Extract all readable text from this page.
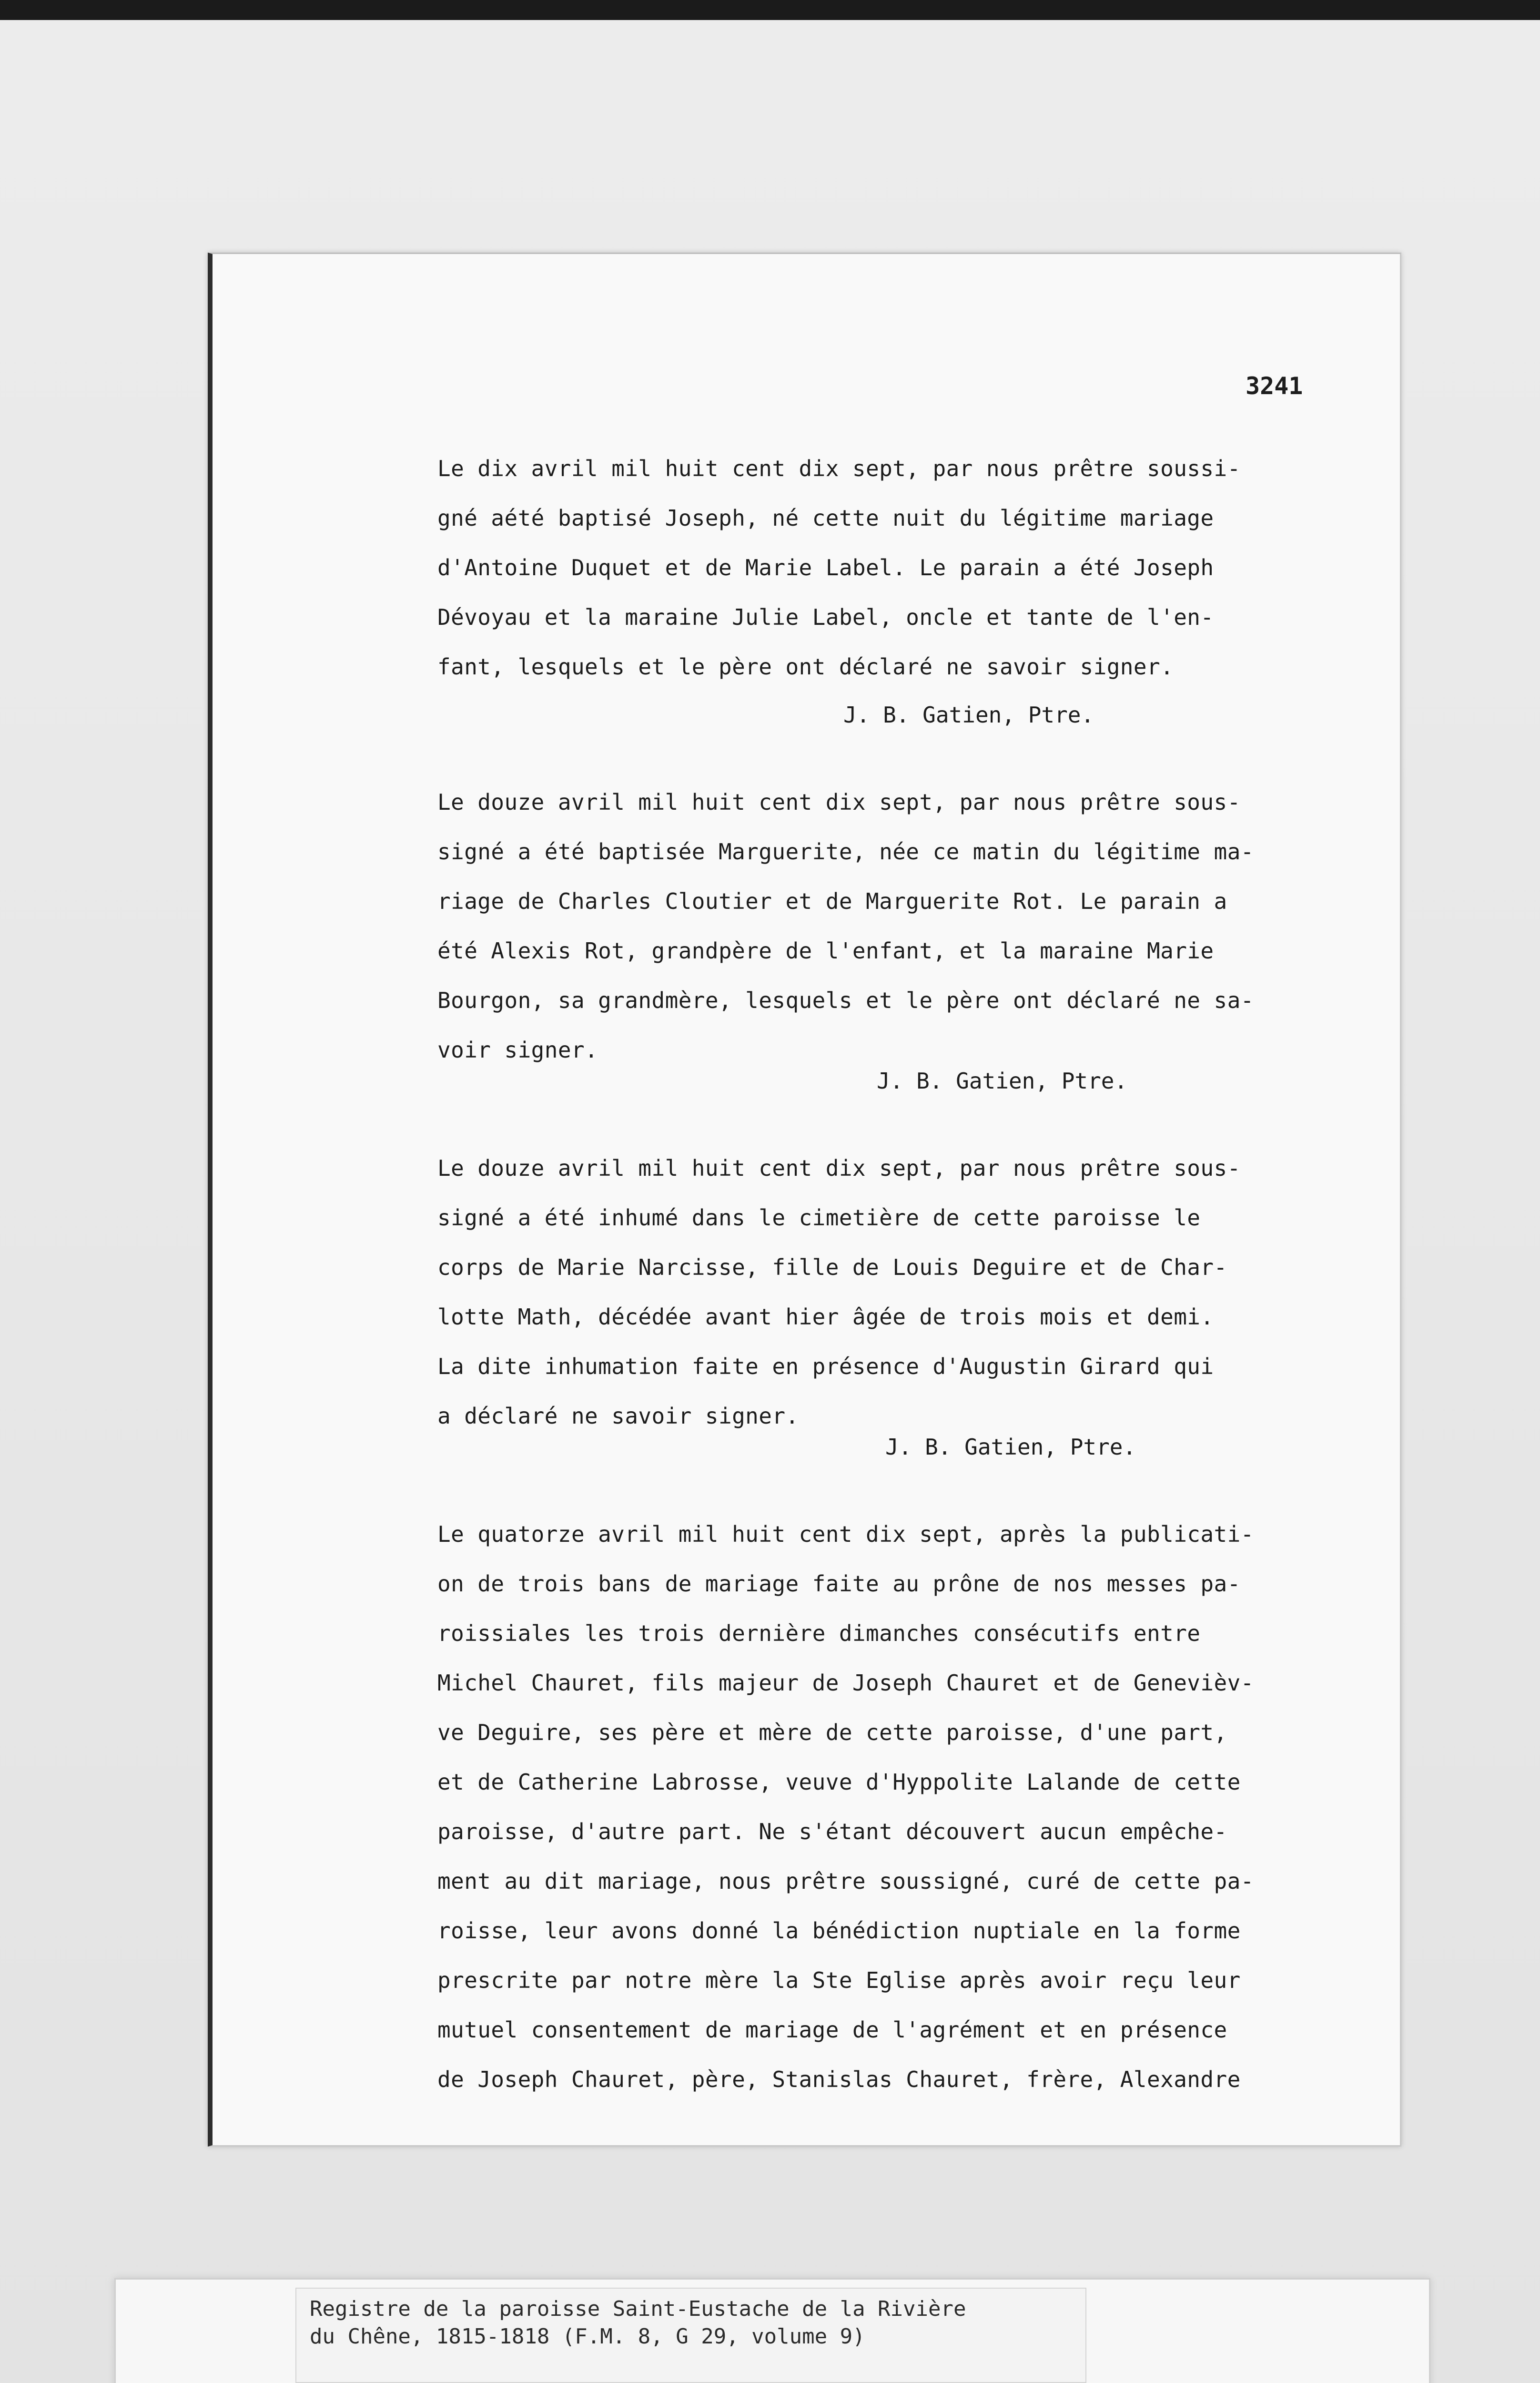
3241
Le dix avril mil huit cent dix sept, par nous prêtre soussi-
gné aété baptisé Joseph, né cette nuit du légitime mariage
d'Antoine Duquet et de Marie Label. Le parain a été Joseph
Dévoyau et la maraine Julie Label, oncle et tante de l'en-
fant, lesquels et le père ont déclaré ne savoir signer.
J. B. Gatien, Ptre.
Le douze avril mil huit cent dix sept, par nous prêtre sous-
signé a été baptisée Marguerite, née ce matin du légitime ma-
riage de Charles Cloutier et de Marguerite Rot. Le parain a
été Alexis Rot, grandpère de l'enfant, et la maraine Marie
Bourgon, sa grandmère, lesquels et le père ont déclaré ne sa-
voir signer.
J. B. Gatien, Ptre.
Le douze avril mil huit cent dix sept, par nous prêtre sous-
signé a été inhumé dans le cimetière de cette paroisse le
corps de Marie Narcisse, fille de Louis Deguire et de Char-
lotte Math, décédée avant hier âgée de trois mois et demi.
La dite inhumation faite en présence d'Augustin Girard qui
a déclaré ne savoir signer.
J. B. Gatien, Ptre.
Le quatorze avril mil huit cent dix sept, après la publicati-
on de trois bans de mariage faite au prône de nos messes pa-
roissiales les trois dernière dimanches consécutifs entre
Michel Chauret, fils majeur de Joseph Chauret et de Genevièv-
ve Deguire, ses père et mère de cette paroisse, d'une part,
et de Catherine Labrosse, veuve d'Hyppolite Lalande de cette
paroisse, d'autre part. Ne s'étant découvert aucun empêche-
ment au dit mariage, nous prêtre soussigné, curé de cette pa-
roisse, leur avons donné la bénédiction nuptiale en la forme
prescrite par notre mère la Ste Eglise après avoir reçu leur
mutuel consentement de mariage de l'agrément et en présence
de Joseph Chauret, père, Stanislas Chauret, frère, Alexandre
Registre de la paroisse Saint-Eustache de la Rivière
du Chêne, 1815-1818 (F.M. 8, G 29, volume 9)
